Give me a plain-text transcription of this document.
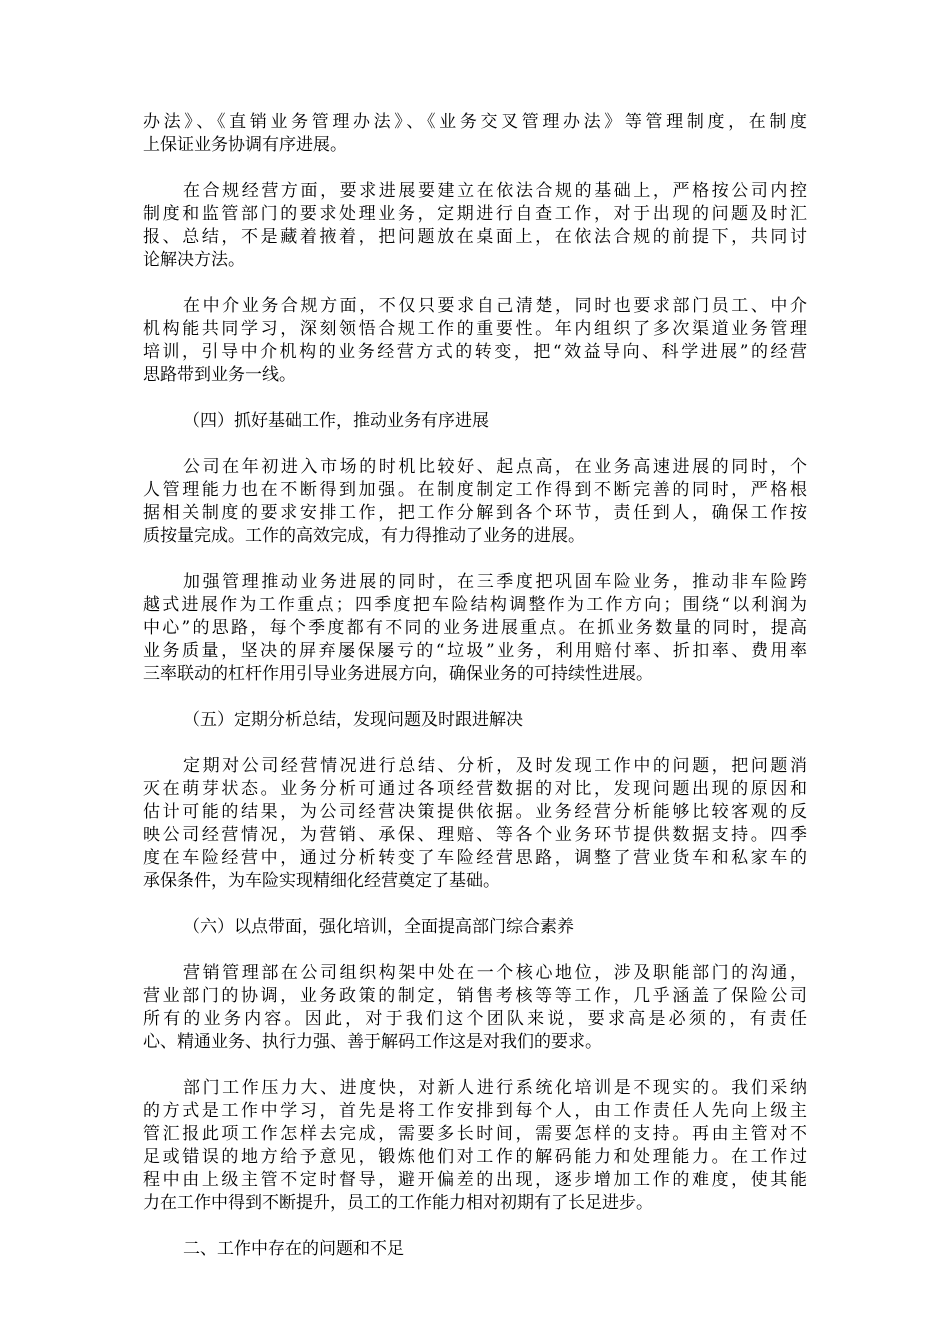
办法》、《直销业务管理办法》、《业务交叉管理办法》等管理制度，在制度
上保证业务协调有序进展。
在合规经营方面，要求进展要建立在依法合规的基础上，严格按公司内控
制度和监管部门的要求处理业务，定期进行自查工作，对于出现的问题及时汇
报、总结，不是藏着掖着，把问题放在桌面上，在依法合规的前提下，共同讨
论解决方法。
在中介业务合规方面，不仅只要求自己清楚，同时也要求部门员工、中介
机构能共同学习，深刻领悟合规工作的重要性。年内组织了多次渠道业务管理
培训，引导中介机构的业务经营方式的转变，把“效益导向、科学进展”的经营
思路带到业务一线。
（四）抓好基础工作，推动业务有序进展
公司在年初进入市场的时机比较好、起点高，在业务高速进展的同时，个
人管理能力也在不断得到加强。在制度制定工作得到不断完善的同时，严格根
据相关制度的要求安排工作，把工作分解到各个环节，责任到人，确保工作按
质按量完成。工作的高效完成，有力得推动了业务的进展。
加强管理推动业务进展的同时，在三季度把巩固车险业务，推动非车险跨
越式进展作为工作重点；四季度把车险结构调整作为工作方向；围绕“以利润为
中心”的思路，每个季度都有不同的业务进展重点。在抓业务数量的同时，提高
业务质量，坚决的屏弃屡保屡亏的“垃圾”业务，利用赔付率、折扣率、费用率
三率联动的杠杆作用引导业务进展方向，确保业务的可持续性进展。
（五）定期分析总结，发现问题及时跟进解决
定期对公司经营情况进行总结、分析，及时发现工作中的问题，把问题消
灭在萌芽状态。业务分析可通过各项经营数据的对比，发现问题出现的原因和
估计可能的结果，为公司经营决策提供依据。业务经营分析能够比较客观的反
映公司经营情况，为营销、承保、理赔、等各个业务环节提供数据支持。四季
度在车险经营中，通过分析转变了车险经营思路，调整了营业货车和私家车的
承保条件，为车险实现精细化经营奠定了基础。
（六）以点带面，强化培训，全面提高部门综合素养
营销管理部在公司组织构架中处在一个核心地位，涉及职能部门的沟通，
营业部门的协调，业务政策的制定，销售考核等等工作，几乎涵盖了保险公司
所有的业务内容。因此，对于我们这个团队来说，要求高是必须的，有责任
心、精通业务、执行力强、善于解码工作这是对我们的要求。
部门工作压力大、进度快，对新人进行系统化培训是不现实的。我们采纳
的方式是工作中学习，首先是将工作安排到每个人，由工作责任人先向上级主
管汇报此项工作怎样去完成，需要多长时间，需要怎样的支持。再由主管对不
足或错误的地方给予意见，锻炼他们对工作的解码能力和处理能力。在工作过
程中由上级主管不定时督导，避开偏差的出现，逐步增加工作的难度，使其能
力在工作中得到不断提升，员工的工作能力相对初期有了长足进步。
二、工作中存在的问题和不足
